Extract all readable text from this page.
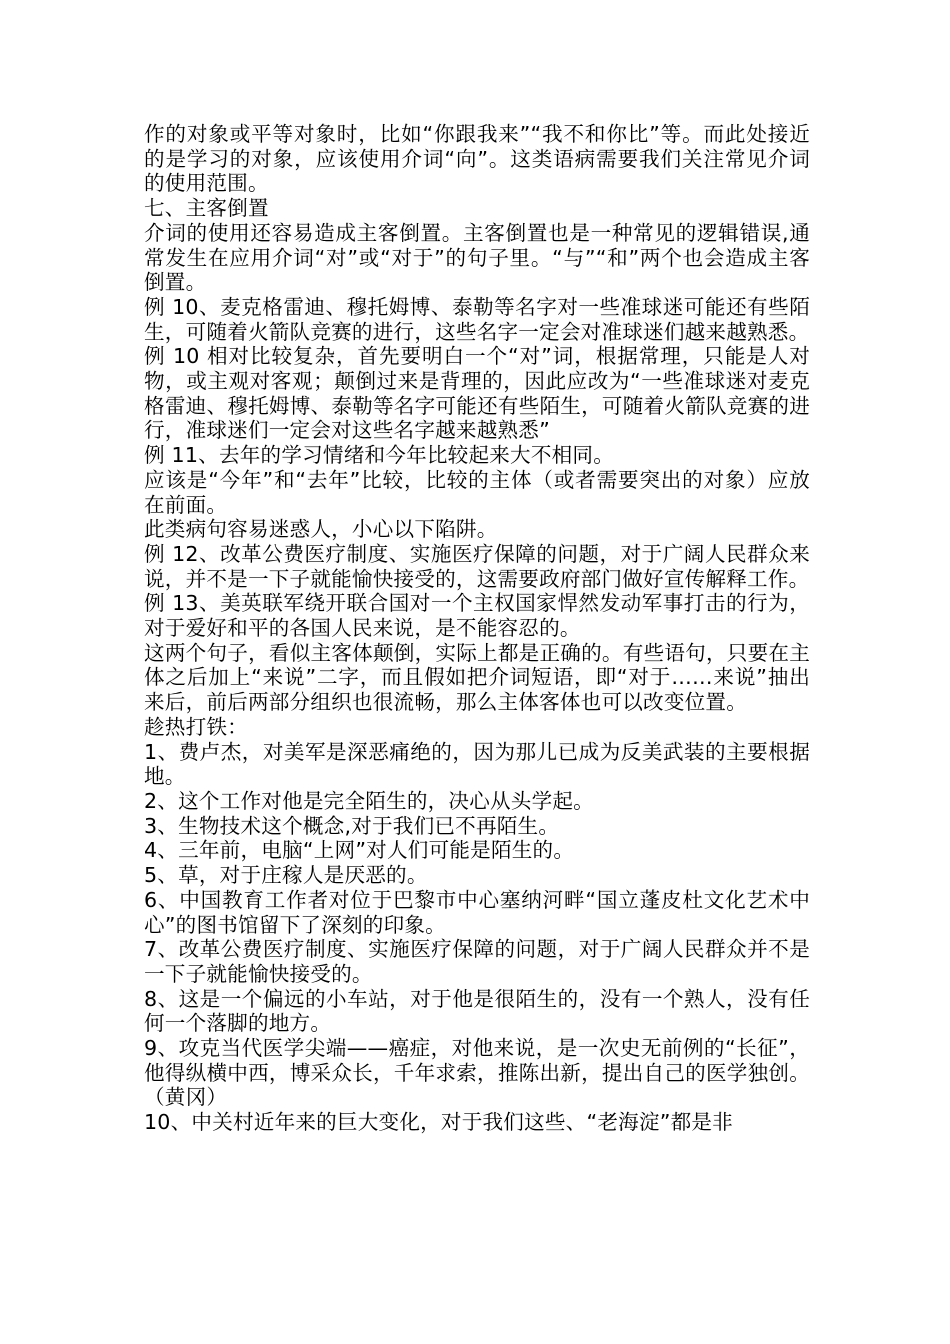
作的对象或平等对象时，比如“你跟我来”“我不和你比”等。而此处接近的是学习的对象，应该使用介词“向”。这类语病需要我们关注常见介词的使用范围。

七、主客倒置

介词的使用还容易造成主客倒置。主客倒置也是一种常见的逻辑错误,通常发生在应用介词“对”或“对于”的句子里。“与”“和”两个也会造成主客倒置。

例 10、麦克格雷迪、穆托姆博、泰勒等名字对一些准球迷可能还有些陌生，可随着火箭队竞赛的进行，这些名字一定会对准球迷们越来越熟悉。

例 10 相对比较复杂，首先要明白一个“对”词，根据常理，只能是人对物，或主观对客观；颠倒过来是背理的，因此应改为“一些准球迷对麦克格雷迪、穆托姆博、泰勒等名字可能还有些陌生，可随着火箭队竞赛的进行，准球迷们一定会对这些名字越来越熟悉”

例 11、去年的学习情绪和今年比较起来大不相同。

应该是“今年”和“去年”比较，比较的主体（或者需要突出的对象）应放在前面。

此类病句容易迷惑人，小心以下陷阱。

例 12、改革公费医疗制度、实施医疗保障的问题，对于广阔人民群众来说，并不是一下子就能愉快接受的，这需要政府部门做好宣传解释工作。

例 13、美英联军绕开联合国对一个主权国家悍然发动军事打击的行为，对于爱好和平的各国人民来说，是不能容忍的。

这两个句子，看似主客体颠倒，实际上都是正确的。有些语句，只要在主体之后加上“来说”二字，而且假如把介词短语，即“对于……来说”抽出来后，前后两部分组织也很流畅，那么主体客体也可以改变位置。

趁热打铁：

1、费卢杰，对美军是深恶痛绝的，因为那儿已成为反美武装的主要根据地。

2、这个工作对他是完全陌生的，决心从头学起。

3、生物技术这个概念,对于我们已不再陌生。

4、三年前，电脑“上网”对人们可能是陌生的。

5、草，对于庄稼人是厌恶的。

6、中国教育工作者对位于巴黎市中心塞纳河畔“国立蓬皮杜文化艺术中心”的图书馆留下了深刻的印象。

7、改革公费医疗制度、实施医疗保障的问题，对于广阔人民群众并不是一下子就能愉快接受的。

8、这是一个偏远的小车站，对于他是很陌生的，没有一个熟人，没有任何一个落脚的地方。

9、攻克当代医学尖端——癌症，对他来说，是一次史无前例的“长征”，他得纵横中西，博采众长，千年求索，推陈出新，提出自己的医学独创。（黄冈）

10、中关村近年来的巨大变化，对于我们这些、“老海淀”都是非
